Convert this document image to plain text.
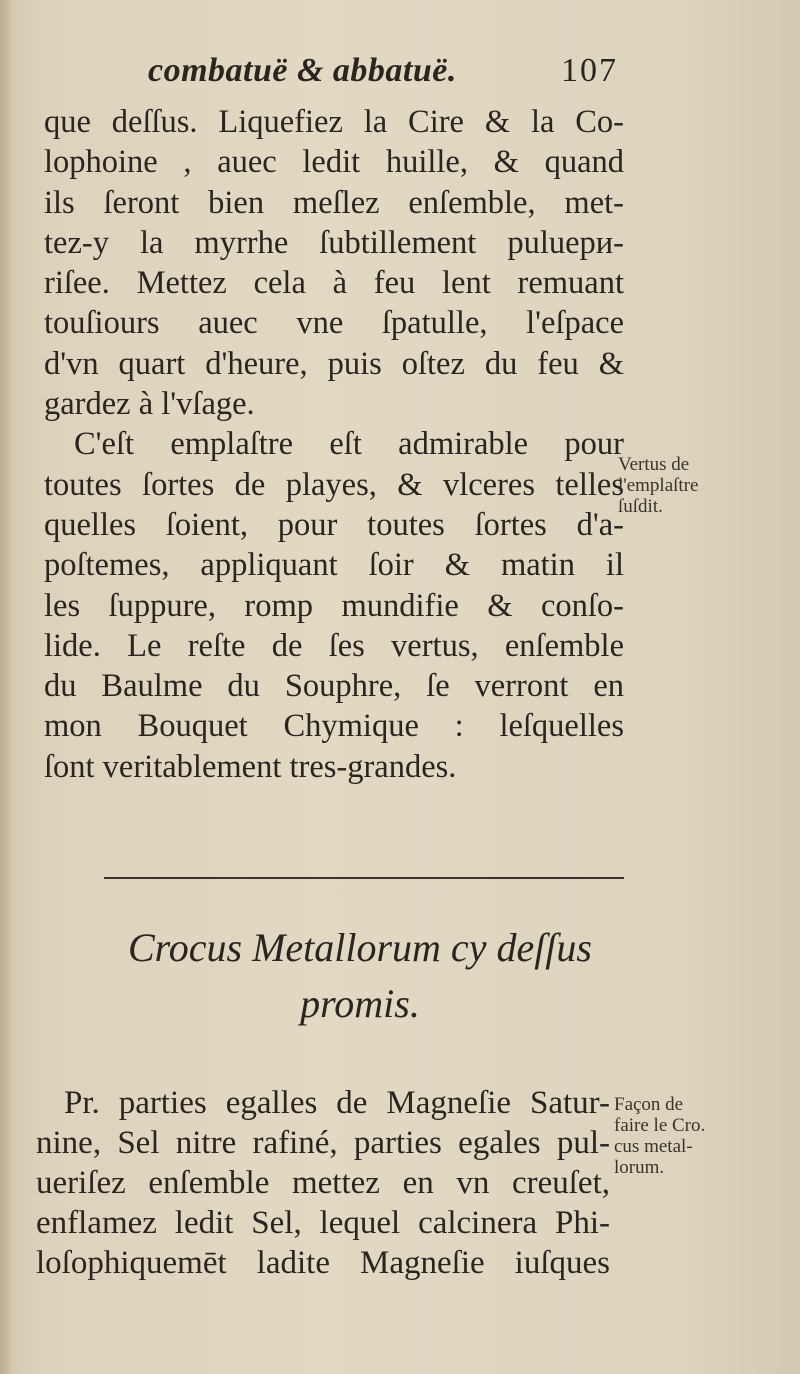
combatuë & abbatuë.	107
que deſſus. Liquefiez la Cire & la Co-
lophoine , auec ledit huille, & quand
ils ſeront bien meſlez enſemble, met-
tez-y la myrrhe ſubtillement puluери-
riſee. Mettez cela à feu lent remuant
touſiours auec vne ſpatulle, l'eſpace
d'vn quart d'heure, puis oſtez du feu &
gardez à l'vſage.
C'eſt emplaſtre eſt admirable pour
toutes ſortes de playes, & vlceres telles
quelles ſoient, pour toutes ſortes d'a-
poſtemes, appliquant ſoir & matin il
les ſuppure, romp mundifie & conſo-
lide. Le reſte de ſes vertus, enſemble
du Baulme du Souphre, ſe verront en
mon Bouquet Chymique : leſquelles
ſont veritablement tres-grandes.
Vertus de
l'emplaſtre
ſuſdit.
Crocus Metallorum cy deſſus
promis.
Pr. parties egalles de Magneſie Satur-
nine, Sel nitre rafiné, parties egales pul-
ueriſez enſemble mettez en vn creuſet,
enflamez ledit Sel, lequel calcinera Phi-
loſophiquemēt ladite Magneſie iuſques
Façon de
faire le Cro.
cus metal-
lorum.
